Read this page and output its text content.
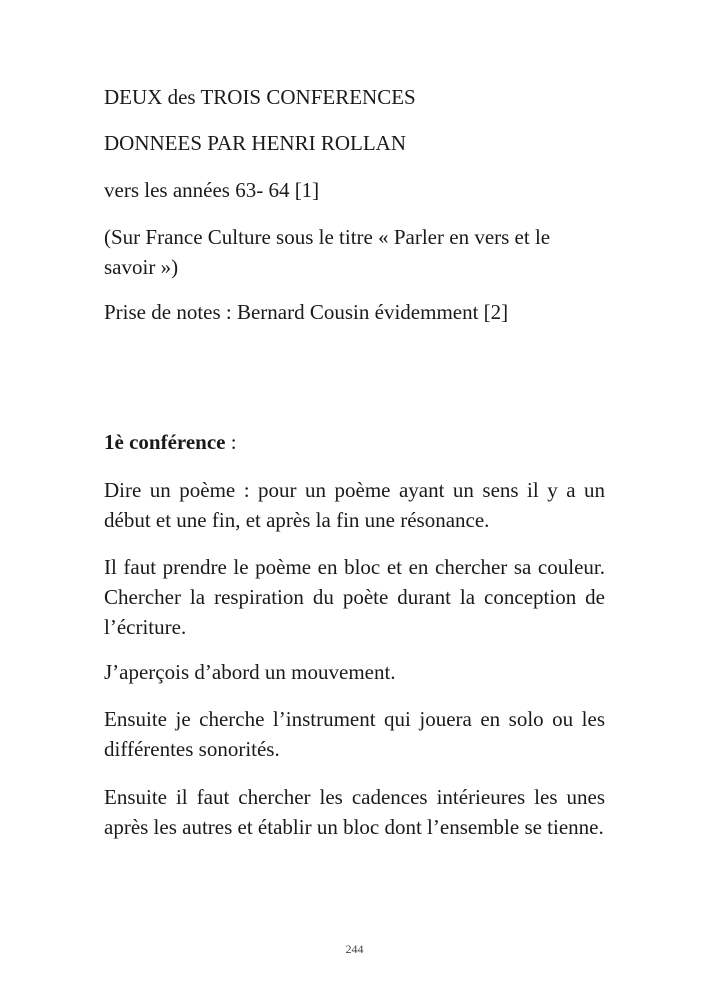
DEUX des TROIS CONFERENCES

DONNEES PAR HENRI ROLLAN

vers les années 63- 64 [1]

(Sur France Culture sous le titre « Parler en vers et le savoir »)

Prise de notes : Bernard Cousin évidemment [2]

1è conférence :

Dire un poème : pour un poème ayant un sens il y a un début et une fin, et après la fin une résonance.

Il faut prendre le poème en bloc et en chercher sa couleur. Chercher la respiration du poète durant la conception de l’écriture.

J’aperçois d’abord un mouvement.

Ensuite je cherche l’instrument qui jouera en solo ou les différentes sonorités.

Ensuite il faut chercher les cadences intérieures les unes après les autres et établir un bloc dont l’ensemble se tienne.

244
